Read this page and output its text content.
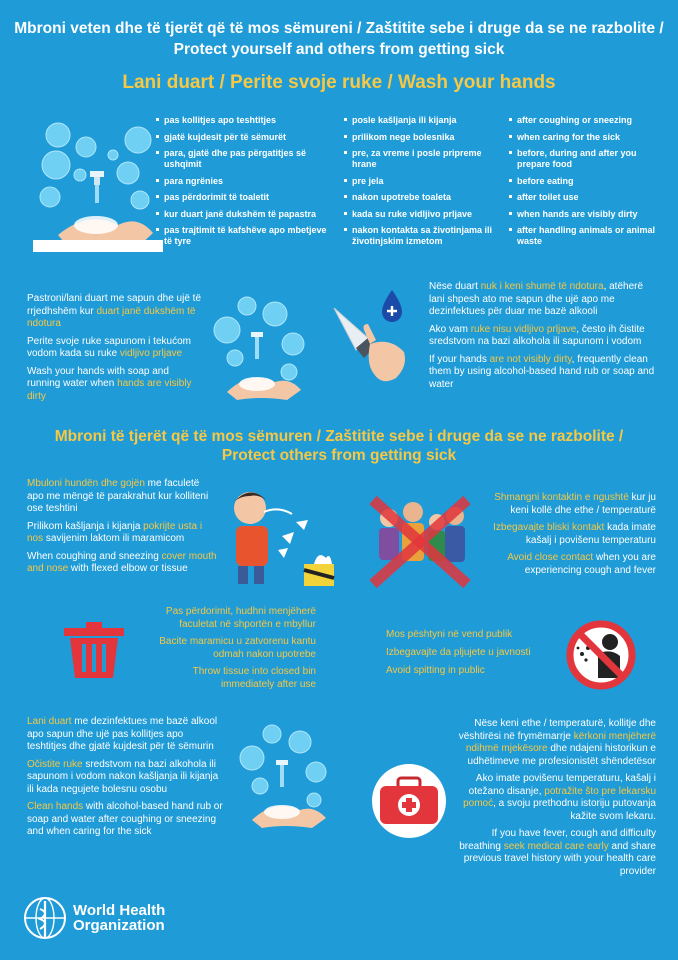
Mbroni veten dhe të tjerët që të mos sëmureni / Zaštitite sebe i druge da se ne razbolite /
Protect yourself and others from getting sick
Lani duart / Perite svoje ruke / Wash your hands
pas kollitjes apo teshtitjes
gjatë kujdesit për të sëmurët
para, gjatë dhe pas përgatitjes së ushqimit
para ngrënies
pas përdorimit të toaletit
kur duart janë dukshëm të papastra
pas trajtimit të kafshëve apo mbetjeve të tyre
posle kašljanja ili kijanja
prilikom nege bolesnika
pre, za vreme i posle pripreme hrane
pre jela
nakon upotrebe toaleta
kada su ruke vidljivo prljave
nakon kontakta sa životinjama ili životinjskim izmetom
after coughing or sneezing
when caring for the sick
before, during and after you prepare food
before eating
after toilet use
when hands are visibly dirty
after handling animals or animal waste

Pastroni/lani duart me sapun dhe ujë të rrjedhshëm kur duart janë dukshëm të ndotura

Perite svoje ruke sapunom i tekućom vodom kada su ruke vidljivo prljave

Wash your hands with soap and running water when hands are visibly dirty

Nëse duart nuk i keni shumë të ndotura, atëherë lani shpesh ato me sapun dhe ujë apo me dezinfektues për duar me bazë alkooli

Ako vam ruke nisu vidljivo prljave, često ih čistite sredstvom na bazi alkohola ili sapunom i vodom

If your hands are not visibly dirty, frequently clean them by using alcohol-based hand rub or soap and water

Mbroni të tjerët që të mos sëmuren / Zaštitite sebe i druge da se ne razbolite /
Protect others from getting sick

Mbuloni hundën dhe gojën me faculetë apo me mëngë të parakrahut kur kolliteni ose teshtini

Prilikom kašljanja i kijanja pokrijte usta i nos savijenim laktom ili maramicom

When coughing and sneezing cover mouth and nose with flexed elbow or tissue

Shmangni kontaktin e ngushtë kur ju keni kollë dhe ethe / temperaturë

Izbegavajte bliski kontakt kada imate kašalj i povišenu temperaturu

Avoid close contact when you are experiencing cough and fever

Pas përdorimit, hudhni menjëherë faculetat në shportën e mbyllur

Bacite maramicu u zatvorenu kantu odmah nakon upotrebe

Throw tissue into closed bin immediately after use

Mos pështyni në vend publik

Izbegavajte da pljujete u javnosti

Avoid spitting in public

Lani duart me dezinfektues me bazë alkool apo sapun dhe ujë pas kollitjes apo teshtitjes dhe gjatë kujdesit për të sëmurin

Očistite ruke sredstvom na bazi alkohola ili sapunom i vodom nakon kašljanja ili kijanja ili kada negujete bolesnu osobu

Clean hands with alcohol-based hand rub or soap and water after coughing or sneezing and when caring for the sick

Nëse keni ethe / temperaturë, kollitje dhe vështirësi në frymëmarrje kërkoni menjëherë ndihmë mjekësore dhe ndajeni historikun e udhëtimeve me profesionistët shëndetësor

Ako imate povišenu temperaturu, kašalj i otežano disanje, potražite što pre lekarsku pomoć, a svoju prethodnu istoriju putovanja kažite svom lekaru.

If you have fever, cough and difficulty breathing seek medical care early and share previous travel history with your health care provider

World Health
Organization
